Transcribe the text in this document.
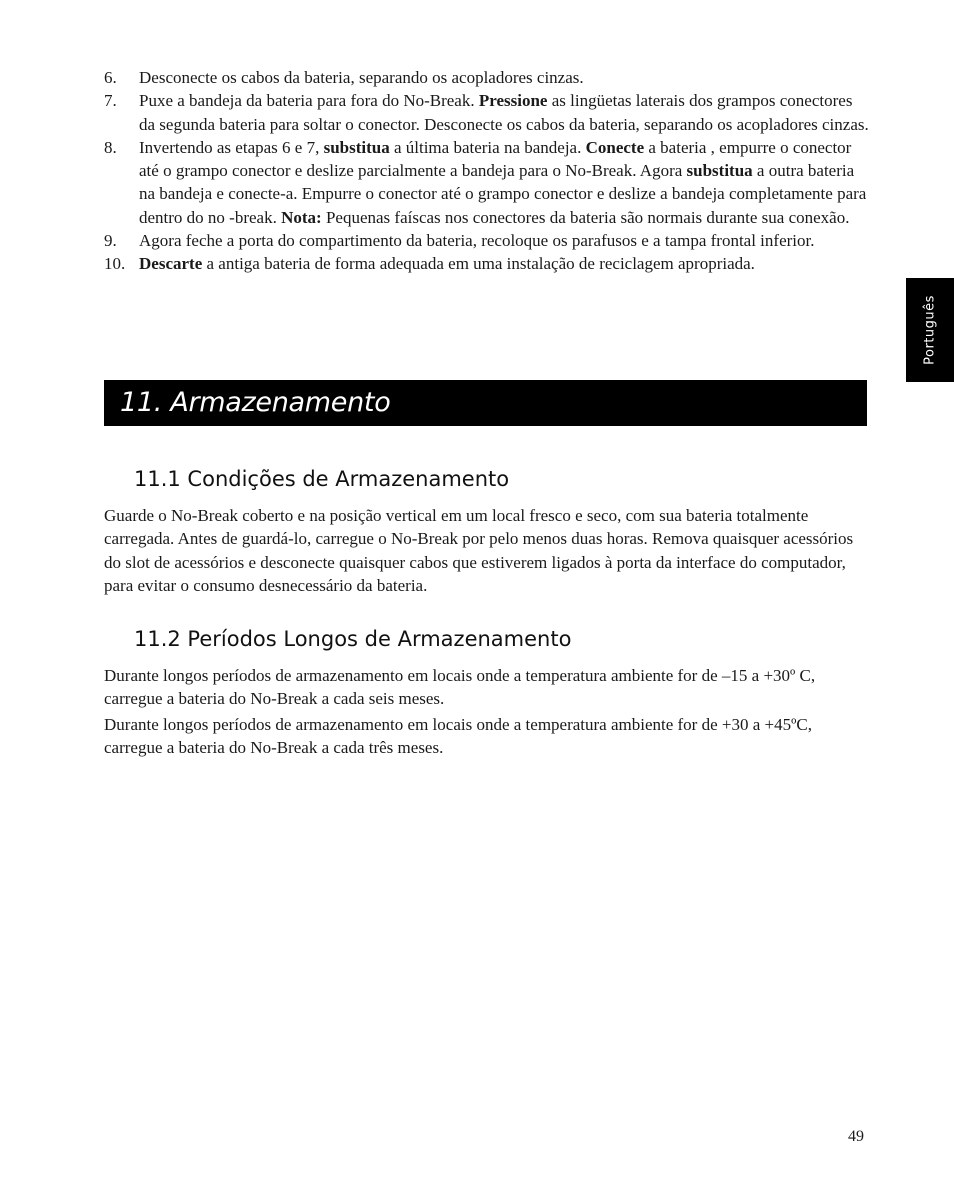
6. Desconecte os cabos da bateria, separando os acopladores cinzas.
7. Puxe a bandeja da bateria para fora do No-Break. Pressione as lingüetas laterais dos grampos conectores da segunda bateria para soltar o conector. Desconecte os cabos da bateria, separando os acopladores cinzas.
8. Invertendo as etapas 6 e 7, substitua a última bateria na bandeja. Conecte a bateria , empurre o conector até o grampo conector e deslize parcialmente a bandeja para o No-Break. Agora substitua a outra bateria na bandeja e conecte-a. Empurre o conector até o grampo conector e deslize a bandeja completamente para dentro do no -break. Nota: Pequenas faíscas nos conectores da bateria são normais durante sua conexão.
9. Agora feche a porta do compartimento da bateria, recoloque os parafusos e a tampa frontal inferior.
10. Descarte a antiga bateria de forma adequada em uma instalação de reciclagem apropriada.
Português
11. Armazenamento
11.1 Condições de Armazenamento

Guarde o No-Break coberto e na posição vertical em um local fresco e seco, com sua bateria totalmente carregada. Antes de guardá-lo, carregue o No-Break por pelo menos duas horas. Remova quaisquer acessórios do slot de acessórios e desconecte quaisquer cabos que estiverem ligados à porta da interface do computador, para evitar o consumo desnecessário da bateria.

11.2 Períodos Longos de Armazenamento

Durante longos períodos de armazenamento em locais onde a temperatura ambiente for de –15 a +30º C, carregue a bateria do No-Break a cada seis meses.

Durante longos períodos de armazenamento em locais onde a temperatura ambiente for de +30 a +45ºC, carregue a bateria do No-Break a cada três meses.

49
